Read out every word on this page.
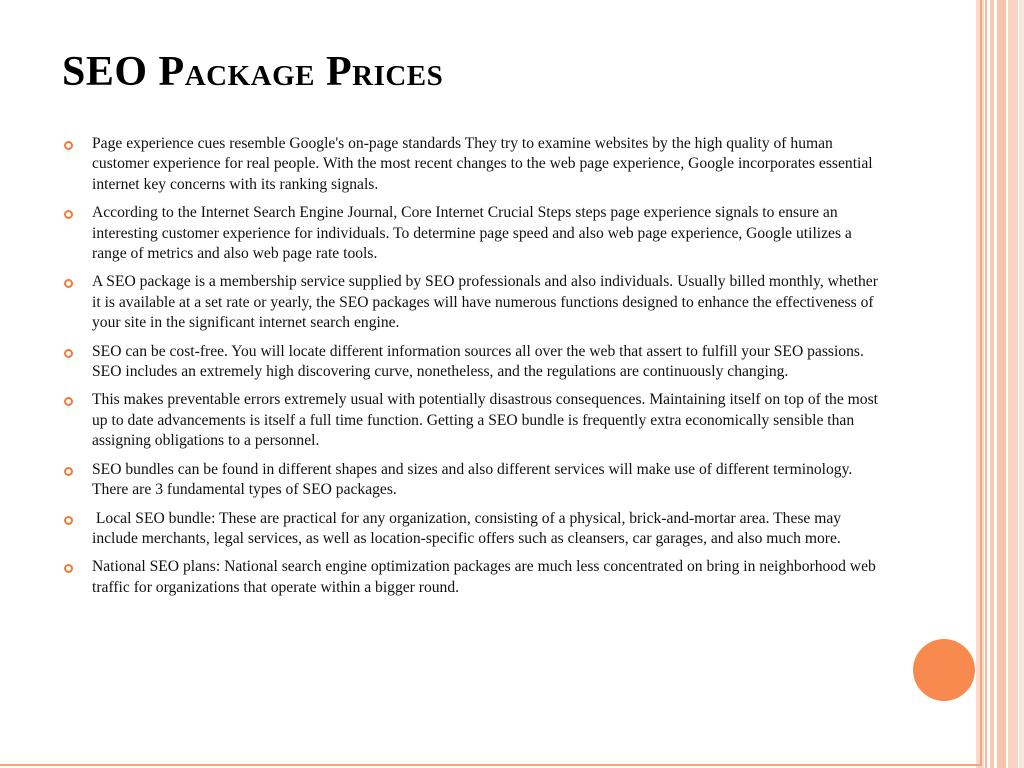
SEO Package Prices
Page experience cues resemble Google's on-page standards They try to examine websites by the high quality of human customer experience for real people. With the most recent changes to the web page experience, Google incorporates essential internet key concerns with its ranking signals.
According to the Internet Search Engine Journal, Core Internet Crucial Steps steps page experience signals to ensure an interesting customer experience for individuals. To determine page speed and also web page experience, Google utilizes a range of metrics and also web page rate tools.
A SEO package is a membership service supplied by SEO professionals and also individuals. Usually billed monthly, whether it is available at a set rate or yearly, the SEO packages will have numerous functions designed to enhance the effectiveness of your site in the significant internet search engine.
SEO can be cost-free. You will locate different information sources all over the web that assert to fulfill your SEO passions. SEO includes an extremely high discovering curve, nonetheless, and the regulations are continuously changing.
This makes preventable errors extremely usual with potentially disastrous consequences. Maintaining itself on top of the most up to date advancements is itself a full time function. Getting a SEO bundle is frequently extra economically sensible than assigning obligations to a personnel.
SEO bundles can be found in different shapes and sizes and also different services will make use of different terminology. There are 3 fundamental types of SEO packages.
Local SEO bundle: These are practical for any organization, consisting of a physical, brick-and-mortar area. These may include merchants, legal services, as well as location-specific offers such as cleansers, car garages, and also much more.
National SEO plans: National search engine optimization packages are much less concentrated on bring in neighborhood web traffic for organizations that operate within a bigger round.
